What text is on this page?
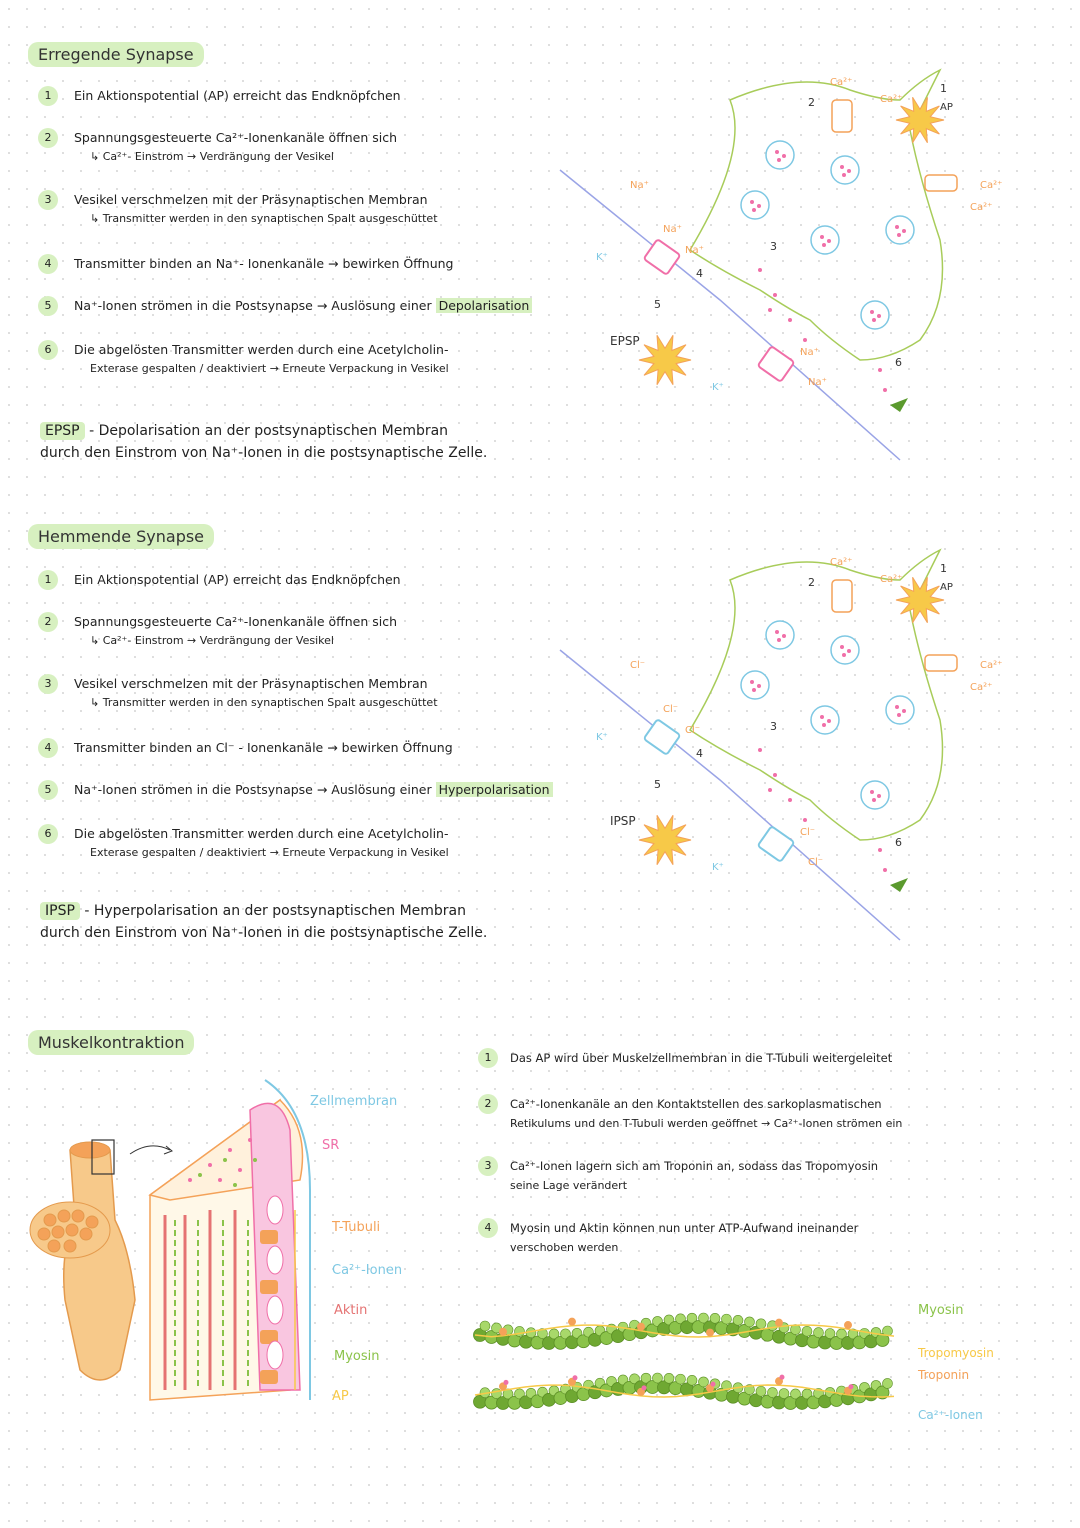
Erregende Synapse
1	Ein Aktionspotential (AP) erreicht das Endknöpfchen
2	Spannungsgesteuerte Ca²⁺-Ionenkanäle öffnen sich
↳ Ca²⁺- Einstrom → Verdrängung der Vesikel
3	Vesikel verschmelzen mit der Präsynaptischen Membran
↳ Transmitter werden in den synaptischen Spalt ausgeschüttet
4	Transmitter binden an Na⁺- Ionenkanäle → bewirken Öffnung
5	Na⁺-Ionen strömen in die Postsynapse → Auslösung einer Depolarisation
6	Die abgelösten Transmitter werden durch eine Acetylcholin-
Exterase gespalten / deaktiviert → Erneute Verpackung in Vesikel
EPSP - Depolarisation an der postsynaptischen Membran
durch den Einstrom von Na⁺-Ionen in die postsynaptische Zelle.
Ca²⁺
Ca²⁺
Ca²⁺
Ca²⁺
AP
1
2
3
4
5
6
EPSP
Na⁺
Na⁺
Na⁺
Na⁺
Na⁺
K⁺
K⁺
Hemmende Synapse
1	Ein Aktionspotential (AP) erreicht das Endknöpfchen
2	Spannungsgesteuerte Ca²⁺-Ionenkanäle öffnen sich
↳ Ca²⁺- Einstrom → Verdrängung der Vesikel
3	Vesikel verschmelzen mit der Präsynaptischen Membran
↳ Transmitter werden in den synaptischen Spalt ausgeschüttet
4	Transmitter binden an Cl⁻ - Ionenkanäle → bewirken Öffnung
5	Na⁺-Ionen strömen in die Postsynapse → Auslösung einer Hyperpolarisation
6	Die abgelösten Transmitter werden durch eine Acetylcholin-
Exterase gespalten / deaktiviert → Erneute Verpackung in Vesikel
IPSP - Hyperpolarisation an der postsynaptischen Membran
durch den Einstrom von Na⁺-Ionen in die postsynaptische Zelle.
Ca²⁺
Ca²⁺
Ca²⁺
Ca²⁺
AP
1
2
3
4
5
6
IPSP
Cl⁻
Cl⁻
Cl⁻
Cl⁻
Cl⁻
K⁺
K⁺
Muskelkontraktion
1	Das AP wird über Muskelzellmembran in die T-Tubuli weitergeleitet
2	Ca²⁺-Ionenkanäle an den Kontaktstellen des sarkoplasmatischen
Retikulums und den T-Tubuli werden geöffnet → Ca²⁺-Ionen strömen ein
3	Ca²⁺-Ionen lagern sich am Troponin an, sodass das Tropomyosin
seine Lage verändert
4	Myosin und Aktin können nun unter ATP-Aufwand ineinander
verschoben werden
Zellmembran
SR
T-Tubuli
Ca²⁺-Ionen
Aktin
Myosin
AP
Myosin
Tropomyosin
Troponin
Ca²⁺-Ionen
